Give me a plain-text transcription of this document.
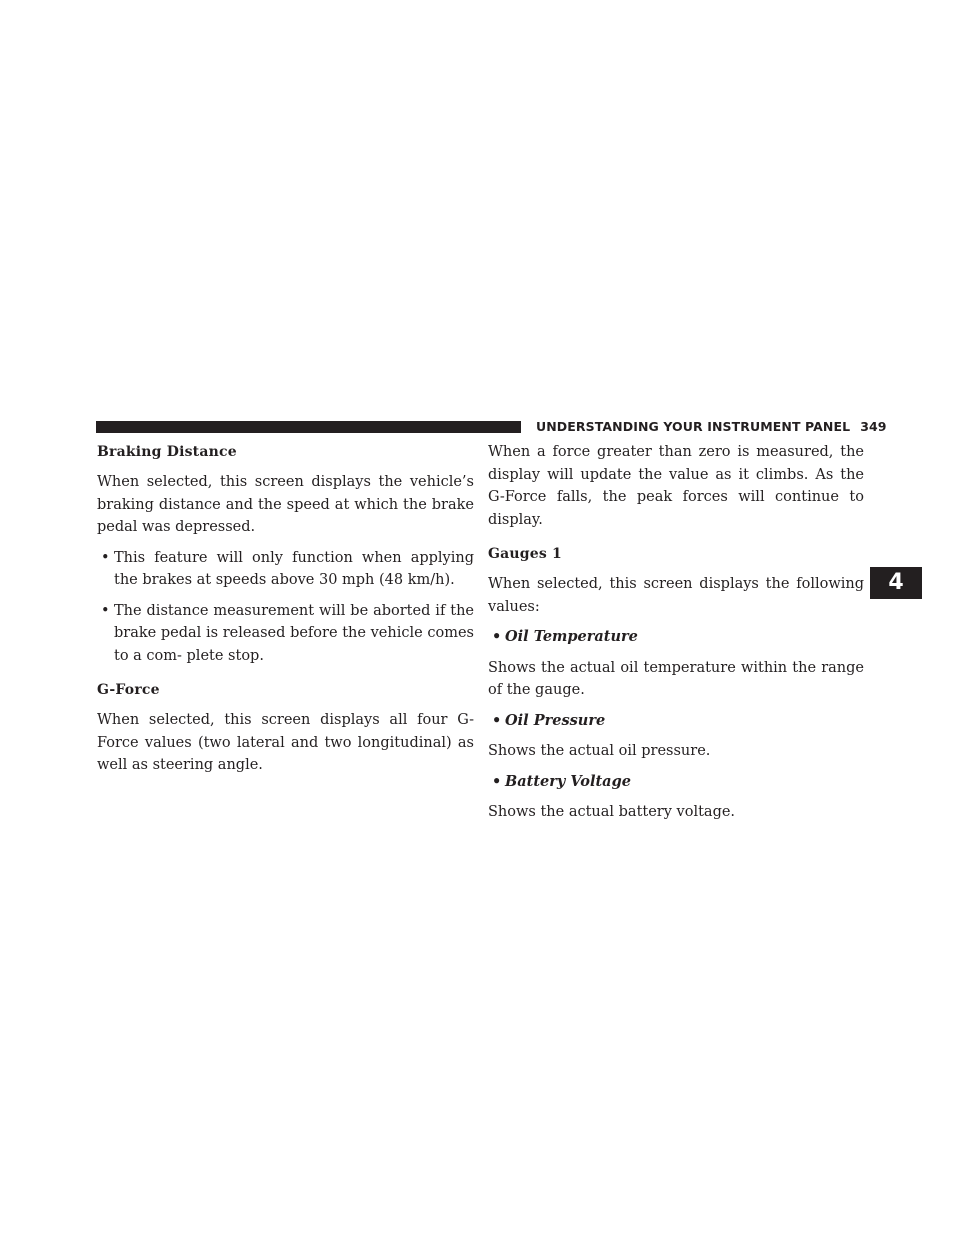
UNDERSTANDING YOUR INSTRUMENT PANEL 349
4

Braking Distance

When selected, this screen displays the vehicle’s braking distance and the speed at which the brake pedal was depressed.

• This feature will only function when applying the brakes at speeds above 30 mph (48 km/h).
• The distance measurement will be aborted if the brake pedal is released before the vehicle comes to a com- plete stop.

G-Force

When selected, this screen displays all four G-Force values (two lateral and two longitudinal) as well as steering angle.

When a force greater than zero is measured, the display will update the value as it climbs. As the G-Force falls, the peak forces will continue to display.

Gauges 1

When selected, this screen displays the following values:

• Oil Temperature

Shows the actual oil temperature within the range of the gauge.

• Oil Pressure

Shows the actual oil pressure.

• Battery Voltage

Shows the actual battery voltage.
